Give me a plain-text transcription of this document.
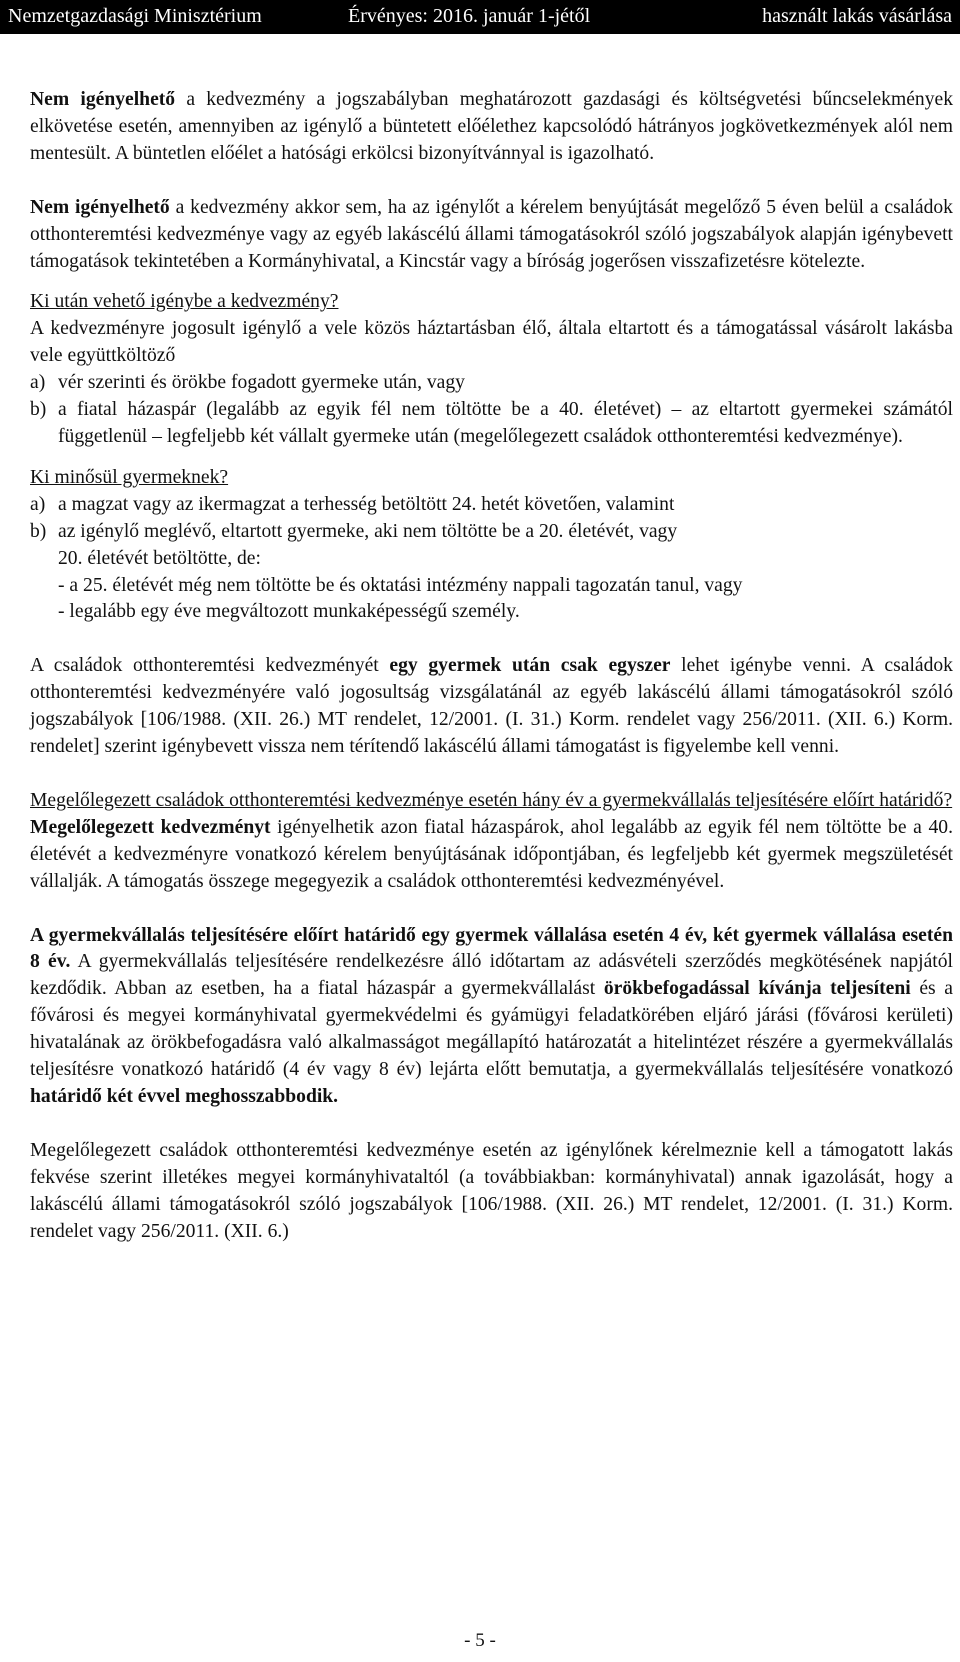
Nemzetgazdasági Minisztérium	Érvényes: 2016. január 1-jétől	használt lakás vásárlása

Nem igényelhető a kedvezmény a jogszabályban meghatározott gazdasági és költségvetési bűncselekmények elkövetése esetén, amennyiben az igénylő a büntetett előélethez kapcsolódó hátrányos jogkövetkezmények alól nem mentesült. A büntetlen előélet a hatósági erkölcsi bizonyítvánnyal is igazolható.

Nem igényelhető a kedvezmény akkor sem, ha az igénylőt a kérelem benyújtását megelőző 5 éven belül a családok otthonteremtési kedvezménye vagy az egyéb lakáscélú állami támogatásokról szóló jogszabályok alapján igénybevett támogatások tekintetében a Kormányhivatal, a Kincstár vagy a bíróság jogerősen visszafizetésre kötelezte.

Ki után vehető igénybe a kedvezmény?

A kedvezményre jogosult igénylő a vele közös háztartásban élő, általa eltartott és a támogatással vásárolt lakásba vele együttköltöző

a) vér szerinti és örökbe fogadott gyermeke után, vagy
b) a fiatal házaspár (legalább az egyik fél nem töltötte be a 40. életévet) – az eltartott gyermekei számától függetlenül – legfeljebb két vállalt gyermeke után (megelőlegezett családok otthonteremtési kedvezménye).

Ki minősül gyermeknek?

a) a magzat vagy az ikermagzat a terhesség betöltött 24. hetét követően, valamint
b) az igénylő meglévő, eltartott gyermeke, aki nem töltötte be a 20. életévét, vagy

20. életévét betöltötte, de:

- a 25. életévét még nem töltötte be és oktatási intézmény nappali tagozatán tanul, vagy

- legalább egy éve megváltozott munkaképességű személy.

A családok otthonteremtési kedvezményét egy gyermek után csak egyszer lehet igénybe venni. A családok otthonteremtési kedvezményére való jogosultság vizsgálatánál az egyéb lakáscélú állami támogatásokról szóló jogszabályok [106/1988. (XII. 26.) MT rendelet, 12/2001. (I. 31.) Korm. rendelet vagy 256/2011. (XII. 6.) Korm. rendelet] szerint igénybevett vissza nem térítendő lakáscélú állami támogatást is figyelembe kell venni.

Megelőlegezett családok otthonteremtési kedvezménye esetén hány év a gyermekvállalás teljesítésére előírt határidő?

Megelőlegezett kedvezményt igényelhetik azon fiatal házaspárok, ahol legalább az egyik fél nem töltötte be a 40. életévét a kedvezményre vonatkozó kérelem benyújtásának időpontjában, és legfeljebb két gyermek megszületését vállalják. A támogatás összege megegyezik a családok otthonteremtési kedvezményével.

A gyermekvállalás teljesítésére előírt határidő egy gyermek vállalása esetén 4 év, két gyermek vállalása esetén 8 év. A gyermekvállalás teljesítésére rendelkezésre álló időtartam az adásvételi szerződés megkötésének napjától kezdődik. Abban az esetben, ha a fiatal házaspár a gyermekvállalást örökbefogadással kívánja teljesíteni és a fővárosi és megyei kormányhivatal gyermekvédelmi és gyámügyi feladatkörében eljáró járási (fővárosi kerületi) hivatalának az örökbefogadásra való alkalmasságot megállapító határozatát a hitelintézet részére a gyermekvállalás teljesítésre vonatkozó határidő (4 év vagy 8 év) lejárta előtt bemutatja, a gyermekvállalás teljesítésére vonatkozó határidő két évvel meghosszabbodik.

Megelőlegezett családok otthonteremtési kedvezménye esetén az igénylőnek kérelmeznie kell a támogatott lakás fekvése szerint illetékes megyei kormányhivataltól (a továbbiakban: kormányhivatal) annak igazolását, hogy a lakáscélú állami támogatásokról szóló jogszabályok [106/1988. (XII. 26.) MT rendelet, 12/2001. (I. 31.) Korm. rendelet vagy 256/2011. (XII. 6.)

- 5 -
